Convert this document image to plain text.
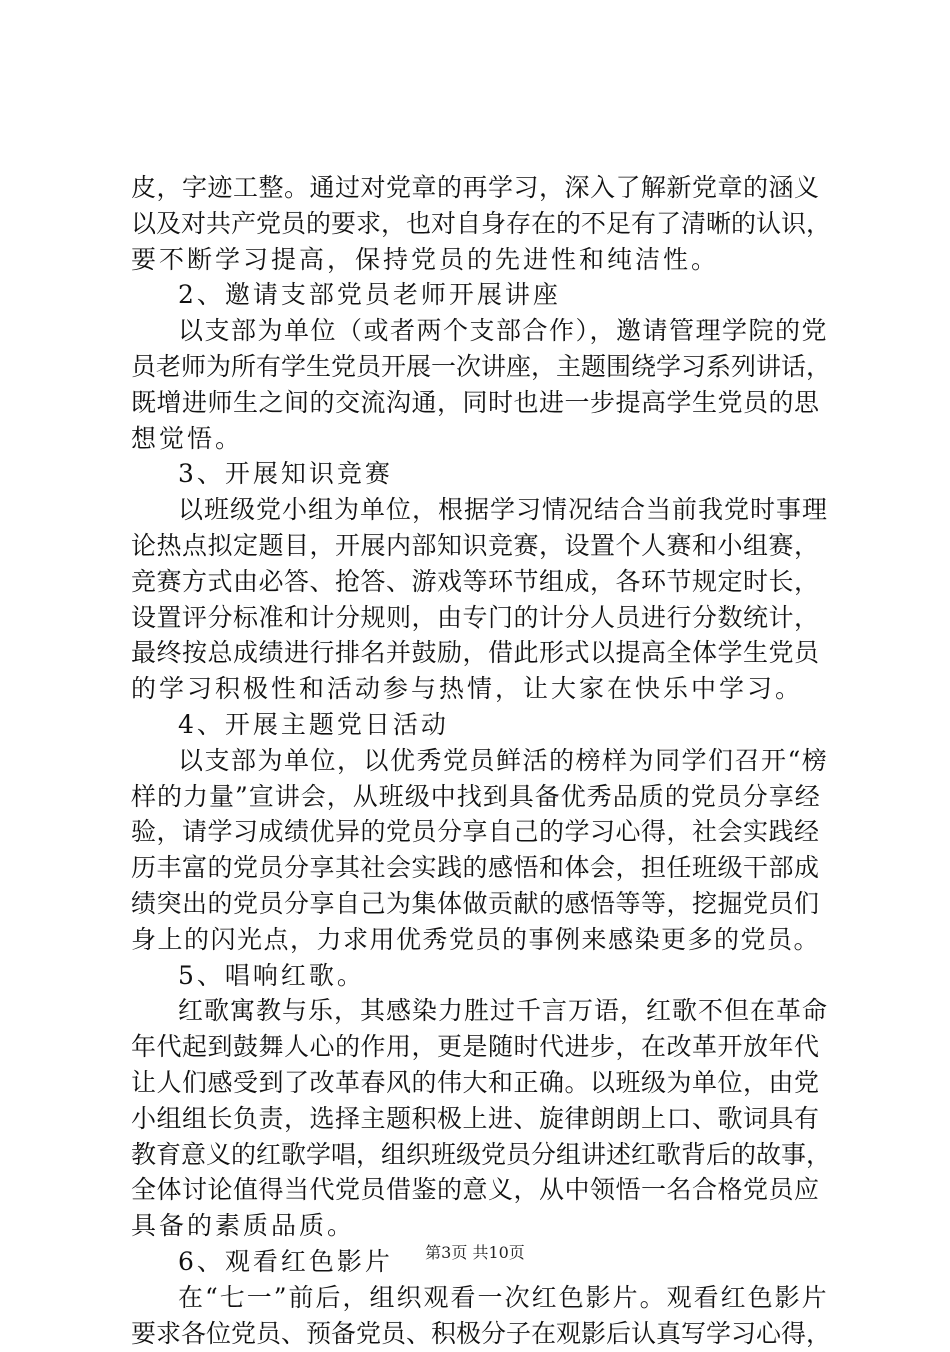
皮，字迹工整。通过对党章的再学习，深入了解新党章的涵义
以及对共产党员的要求，也对自身存在的不足有了清晰的认识，
要不断学习提高，保持党员的先进性和纯洁性。
2、邀请支部党员老师开展讲座
以支部为单位（或者两个支部合作），邀请管理学院的党
员老师为所有学生党员开展一次讲座，主题围绕学习系列讲话，
既增进师生之间的交流沟通，同时也进一步提高学生党员的思
想觉悟。
3、开展知识竞赛
以班级党小组为单位，根据学习情况结合当前我党时事理
论热点拟定题目，开展内部知识竞赛，设置个人赛和小组赛，
竞赛方式由必答、抢答、游戏等环节组成，各环节规定时长，
设置评分标准和计分规则，由专门的计分人员进行分数统计，
最终按总成绩进行排名并鼓励，借此形式以提高全体学生党员
的学习积极性和活动参与热情，让大家在快乐中学习。
4、开展主题党日活动
以支部为单位，以优秀党员鲜活的榜样为同学们召开“榜
样的力量”宣讲会，从班级中找到具备优秀品质的党员分享经
验，请学习成绩优异的党员分享自己的学习心得，社会实践经
历丰富的党员分享其社会实践的感悟和体会，担任班级干部成
绩突出的党员分享自己为集体做贡献的感悟等等，挖掘党员们
身上的闪光点，力求用优秀党员的事例来感染更多的党员。
5、唱响红歌。
红歌寓教与乐，其感染力胜过千言万语，红歌不但在革命
年代起到鼓舞人心的作用，更是随时代进步，在改革开放年代
让人们感受到了改革春风的伟大和正确。以班级为单位，由党
小组组长负责，选择主题积极上进、旋律朗朗上口、歌词具有
教育意义的红歌学唱，组织班级党员分组讲述红歌背后的故事，
全体讨论值得当代党员借鉴的意义，从中领悟一名合格党员应
具备的素质品质。
6、观看红色影片
在“七一”前后，组织观看一次红色影片。观看红色影片
要求各位党员、预备党员、积极分子在观影后认真写学习心得，
第3页 共10页
